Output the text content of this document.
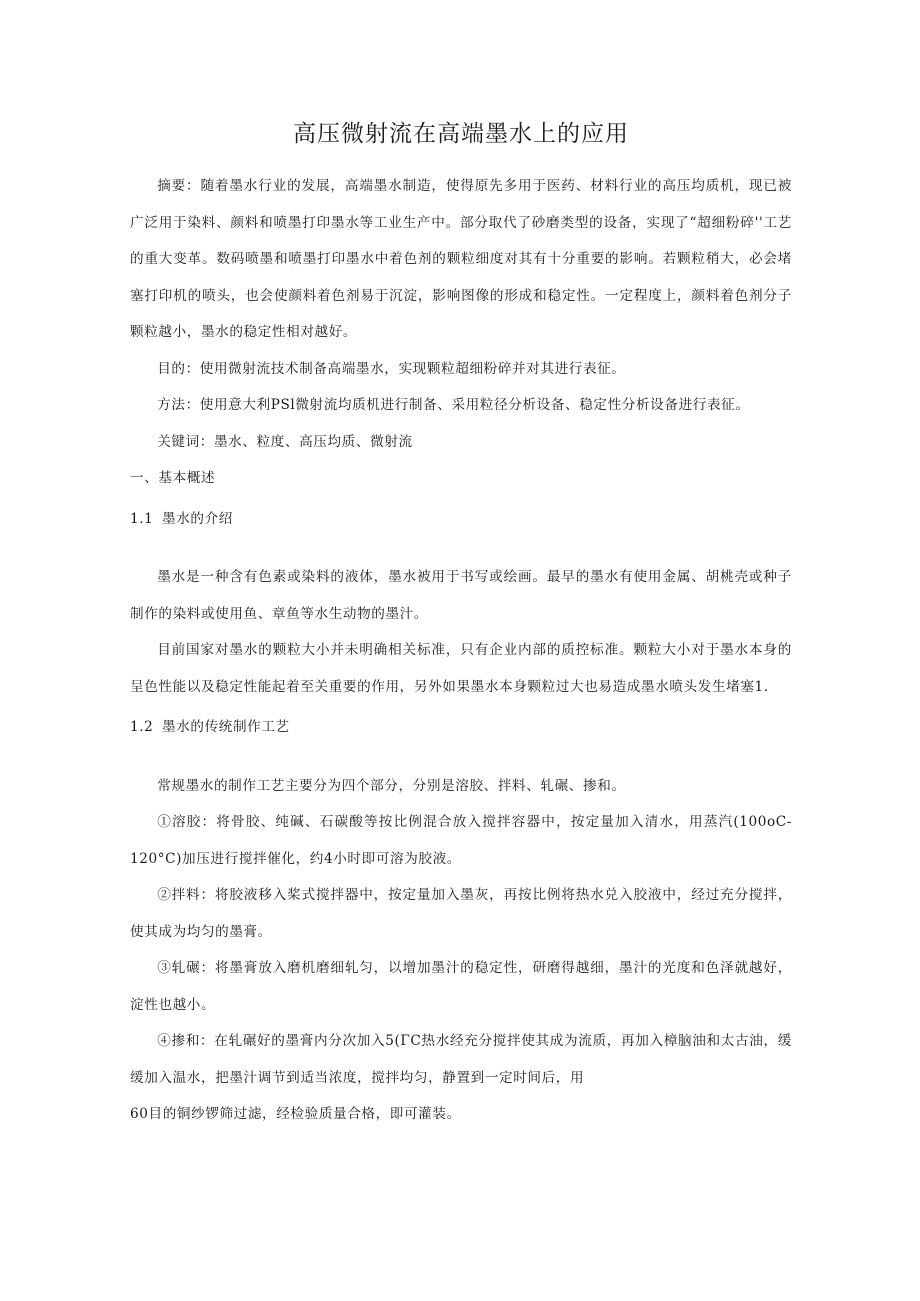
高压微射流在高端墨水上的应用

摘要：随着墨水行业的发展，高端墨水制造，使得原先多用于医药、材料行业的高压均质机，现已被广泛用于染料、颜料和喷墨打印墨水等工业生产中。部分取代了砂磨类型的设备，实现了“超细粉碎''工艺的重大变革。数码喷墨和喷墨打印墨水中着色剂的颗粒细度对其有十分重要的影响。若颗粒稍大，必会堵塞打印机的喷头，也会使颜料着色剂易于沉淀，影响图像的形成和稳定性。一定程度上，颜料着色剂分子颗粒越小，墨水的稳定性相对越好。

目的：使用微射流技术制备高端墨水，实现颗粒超细粉碎并对其进行表征。

方法：使用意大利PSl微射流均质机进行制备、采用粒径分析设备、稳定性分析设备进行表征。

关键词：墨水、粒度、高压均质、微射流

一、基本概述
1.1 墨水的介绍

墨水是一种含有色素或染料的液体，墨水被用于书写或绘画。最早的墨水有使用金属、胡桃壳或种子制作的染料或使用鱼、章鱼等水生动物的墨汁。

目前国家对墨水的颗粒大小并未明确相关标准，只有企业内部的质控标准。颗粒大小对于墨水本身的呈色性能以及稳定性能起着至关重要的作用，另外如果墨水本身颗粒过大也易造成墨水喷头发生堵塞1.

1.2 墨水的传统制作工艺

常规墨水的制作工艺主要分为四个部分，分别是溶胶、拌料、轧碾、掺和。

①溶胶：将骨胶、纯碱、石碳酸等按比例混合放入搅拌容器中，按定量加入清水，用蒸汽(100oC-120°C)加压进行搅拌催化，约4小时即可溶为胶液。

②拌料：将胶液移入桨式搅拌器中，按定量加入墨灰，再按比例将热水兑入胶液中，经过充分搅拌，使其成为均匀的墨膏。

③轧碾：将墨膏放入磨机磨细轧匀，以增加墨汁的稳定性，研磨得越细，墨汁的光度和色泽就越好，淀性也越小。

④掺和：在轧碾好的墨膏内分次加入5(ΓC热水经充分搅拌使其成为流质，再加入樟脑油和太古油，缓缓加入温水，把墨汁调节到适当浓度，搅拌均匀，静置到一定时间后，用

60目的铜纱锣筛过滤，经检验质量合格，即可灌装。
